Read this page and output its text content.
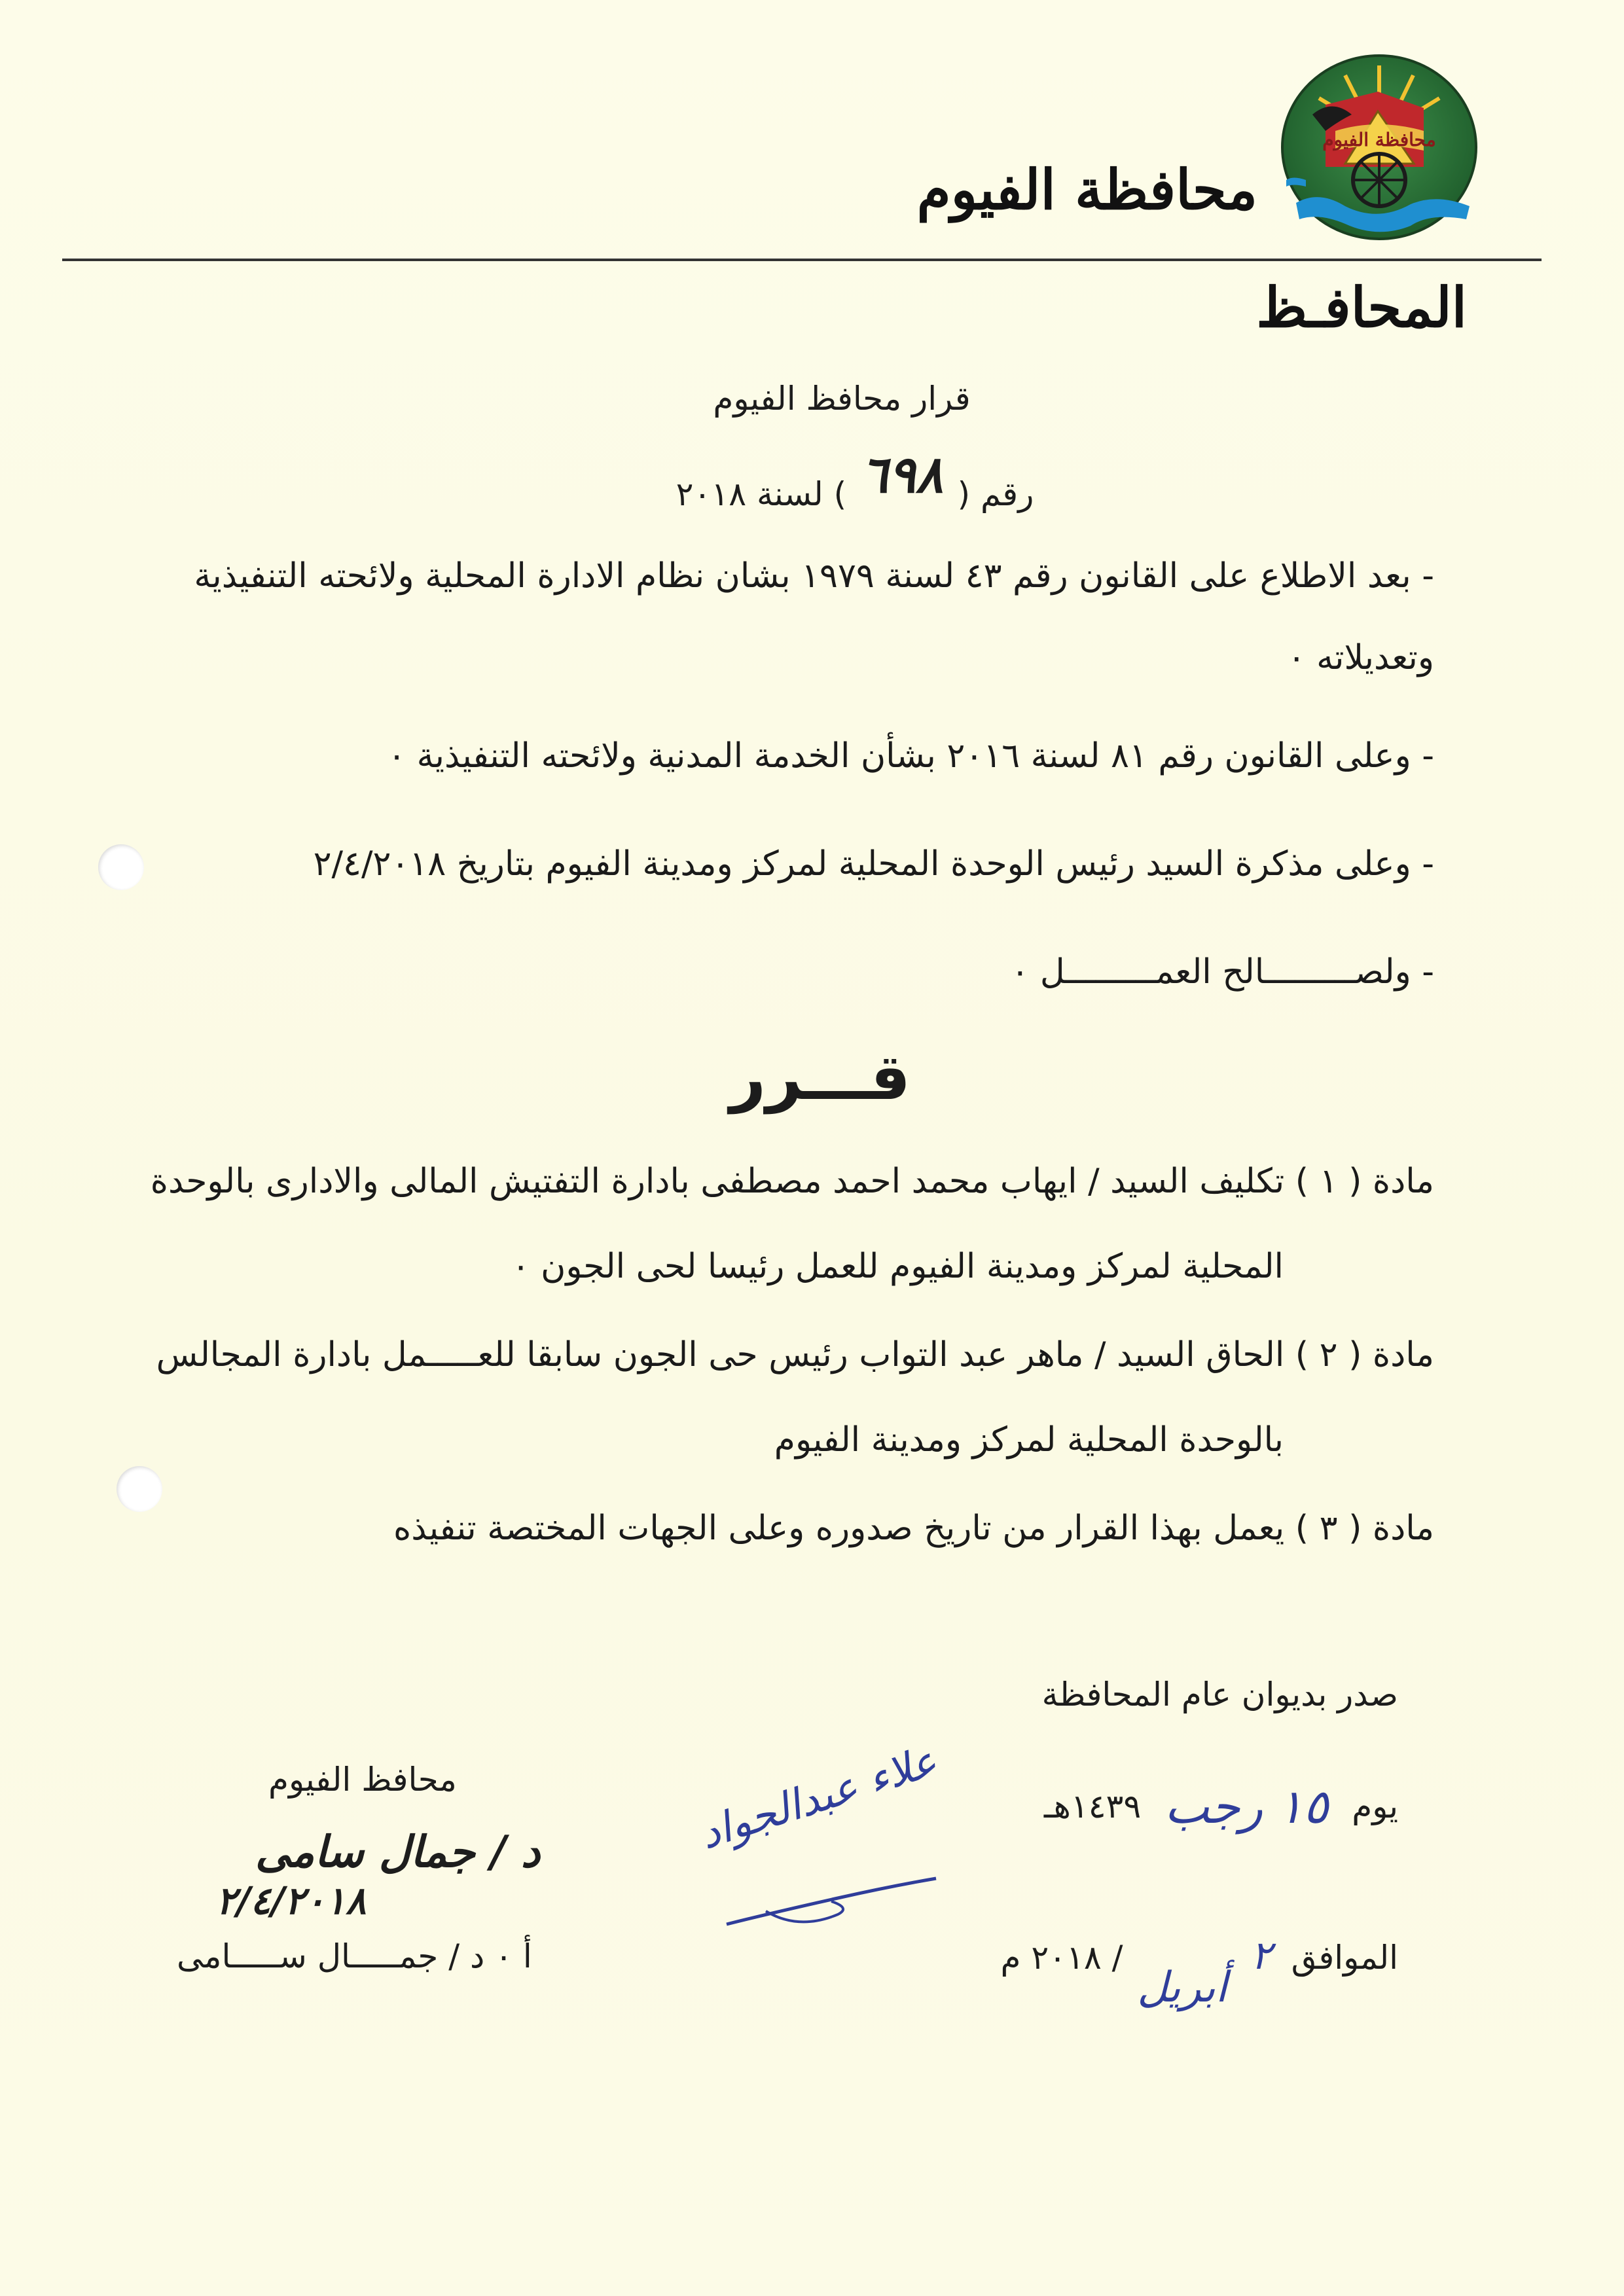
محافظة الفيوم
محافظة الفيوم
المحافـظ
قرار محافظ الفيوم
رقم ( ٦٩٨ ) لسنة ٢٠١٨
- بعد الاطلاع على القانون رقم ٤٣ لسنة ١٩٧٩ بشان نظام الادارة المحلية ولائحته التنفيذية
وتعديلاته ٠
- وعلى القانون رقم ٨١ لسنة ٢٠١٦ بشأن الخدمة المدنية ولائحته التنفيذية ٠
- وعلى مذكرة السيد رئيس الوحدة المحلية لمركز ومدينة الفيوم بتاريخ ٢/٤/٢٠١٨
- ولصـــــــــالح العمـــــــــل ٠
قـــرر
مادة ( ١ ) تكليف السيد / ايهاب محمد احمد مصطفى بادارة التفتيش المالى والادارى بالوحدة
المحلية لمركز ومدينة الفيوم للعمل رئيسا لحى الجون ٠
مادة ( ٢ ) الحاق السيد / ماهر عبد التواب رئيس حى الجون سابقا للعـــــمل بادارة المجالس
بالوحدة المحلية لمركز ومدينة الفيوم
مادة ( ٣ ) يعمل بهذا القرار من تاريخ صدوره وعلى الجهات المختصة تنفيذه
صدر بديوان عام المحافظة
يوم ١٥ رجب ١٤٣٩هـ
الموافق ٢ أبريل / ٢٠١٨ م
علاء عبدالجواد
محافظ الفيوم
د / جمال سامى
٢/٤/٢٠١٨
أ ٠ د / جمـــــال ســـــامى
